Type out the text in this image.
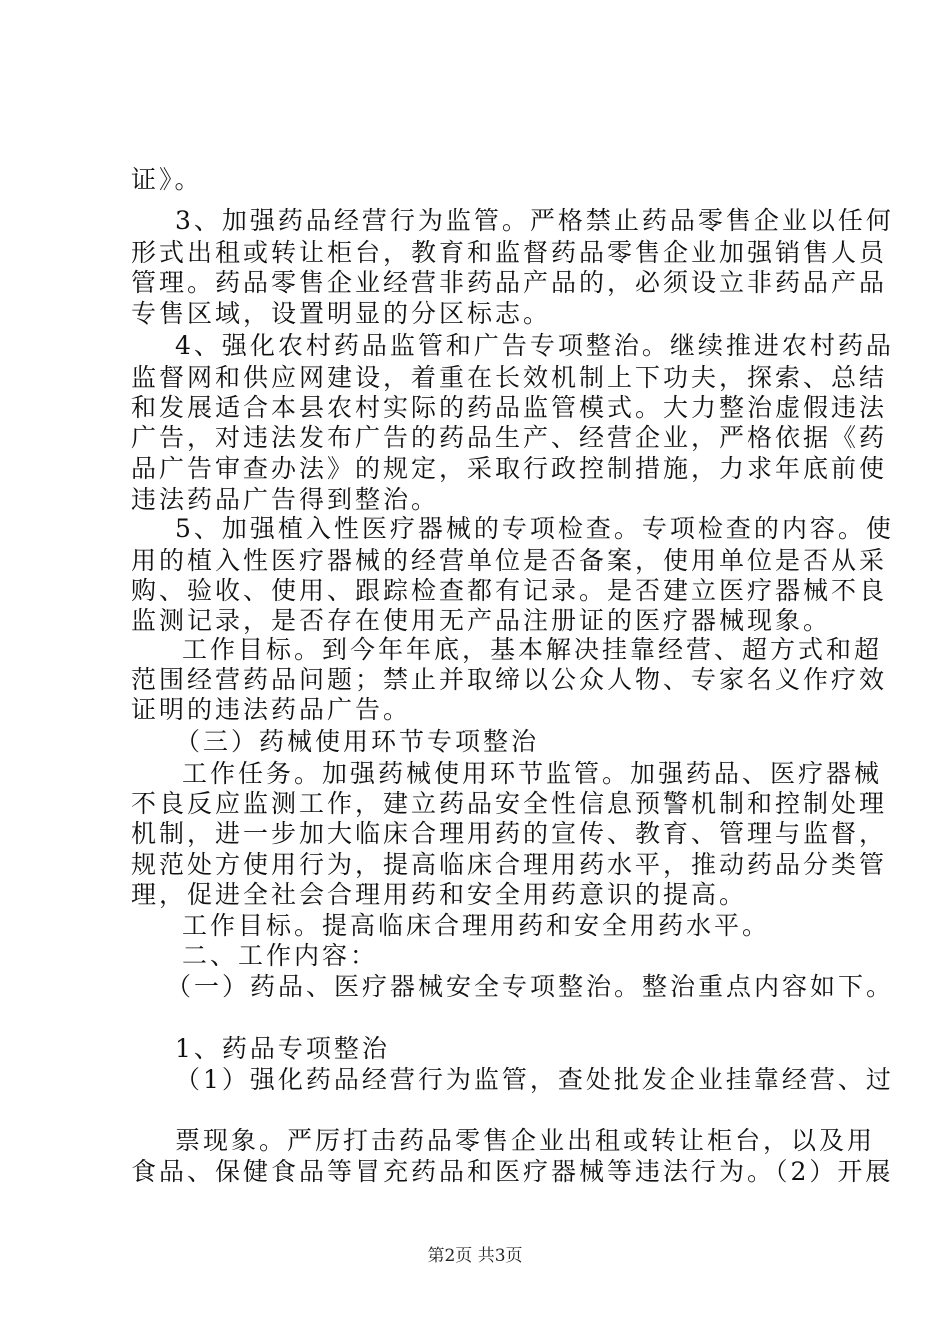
证》。
3、加强药品经营行为监管。严格禁止药品零售企业以任何
形式出租或转让柜台，教育和监督药品零售企业加强销售人员
管理。药品零售企业经营非药品产品的，必须设立非药品产品
专售区域，设置明显的分区标志。
4、强化农村药品监管和广告专项整治。继续推进农村药品
监督网和供应网建设，着重在长效机制上下功夫，探索、总结
和发展适合本县农村实际的药品监管模式。大力整治虚假违法
广告，对违法发布广告的药品生产、经营企业，严格依据《药
品广告审查办法》的规定，采取行政控制措施，力求年底前使
违法药品广告得到整治。
5、加强植入性医疗器械的专项检查。专项检查的内容。使
用的植入性医疗器械的经营单位是否备案，使用单位是否从采
购、验收、使用、跟踪检查都有记录。是否建立医疗器械不良
监测记录，是否存在使用无产品注册证的医疗器械现象。
工作目标。到今年年底，基本解决挂靠经营、超方式和超
范围经营药品问题；禁止并取缔以公众人物、专家名义作疗效
证明的违法药品广告。
（三）药械使用环节专项整治
工作任务。加强药械使用环节监管。加强药品、医疗器械
不良反应监测工作，建立药品安全性信息预警机制和控制处理
机制，进一步加大临床合理用药的宣传、教育、管理与监督，
规范处方使用行为，提高临床合理用药水平，推动药品分类管
理，促进全社会合理用药和安全用药意识的提高。
工作目标。提高临床合理用药和安全用药水平。
二、工作内容：
（一）药品、医疗器械安全专项整治。整治重点内容如下。
1、药品专项整治
（1）强化药品经营行为监管，查处批发企业挂靠经营、过
票现象。严厉打击药品零售企业出租或转让柜台，以及用
食品、保健食品等冒充药品和医疗器械等违法行为。（2）开展
第2页 共3页
